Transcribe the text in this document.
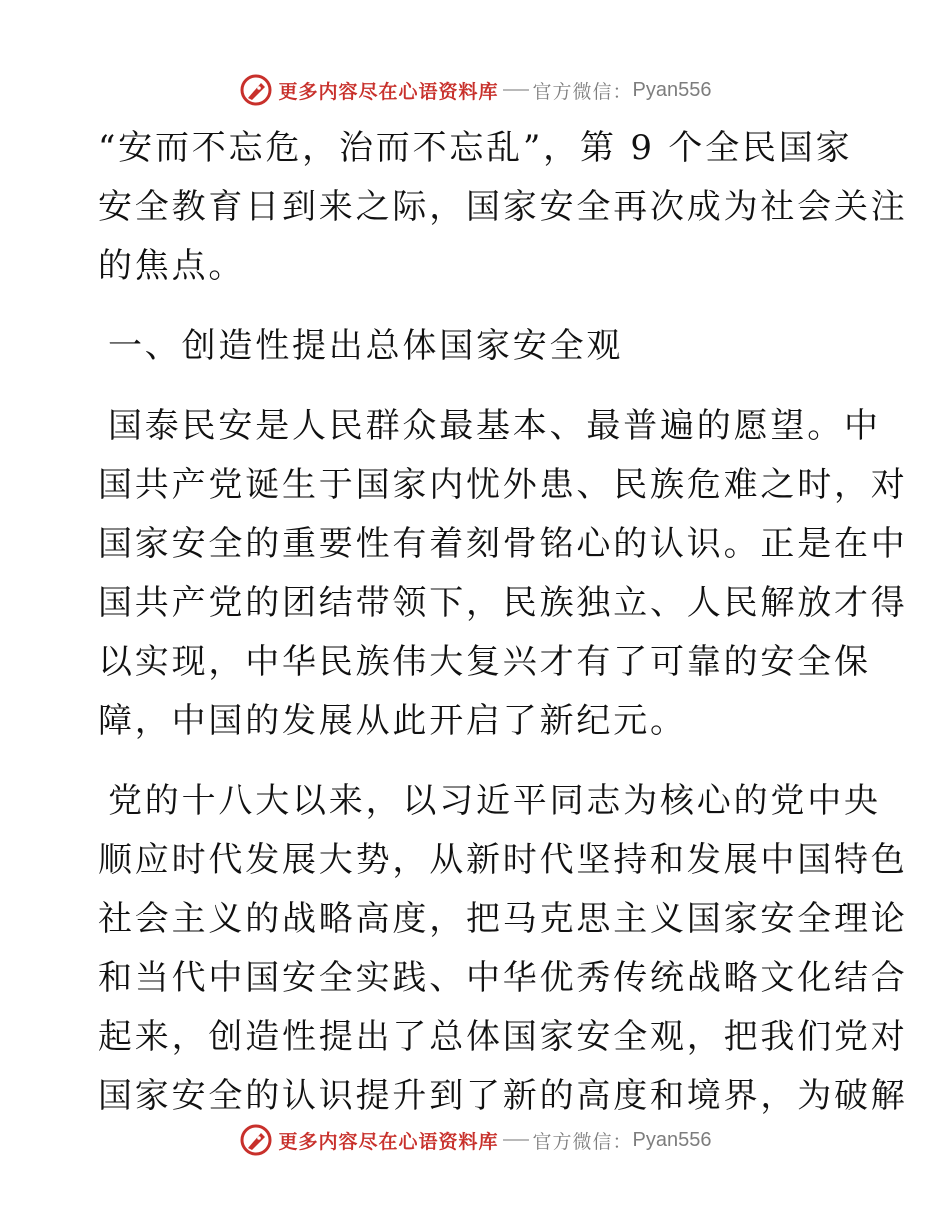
更多内容尽在心语资料库 官方微信： Pyan556

“安而不忘危，治而不忘乱”，第 9 个全民国家
安全教育日到来之际，国家安全再次成为社会关注
的焦点。

一、创造性提出总体国家安全观

国泰民安是人民群众最基本、最普遍的愿望。中
国共产党诞生于国家内忧外患、民族危难之时，对
国家安全的重要性有着刻骨铭心的认识。正是在中
国共产党的团结带领下，民族独立、人民解放才得
以实现，中华民族伟大复兴才有了可靠的安全保
障，中国的发展从此开启了新纪元。

党的十八大以来，以习近平同志为核心的党中央
顺应时代发展大势，从新时代坚持和发展中国特色
社会主义的战略高度，把马克思主义国家安全理论
和当代中国安全实践、中华优秀传统战略文化结合
起来，创造性提出了总体国家安全观，把我们党对
国家安全的认识提升到了新的高度和境界，为破解

更多内容尽在心语资料库 官方微信： Pyan556
